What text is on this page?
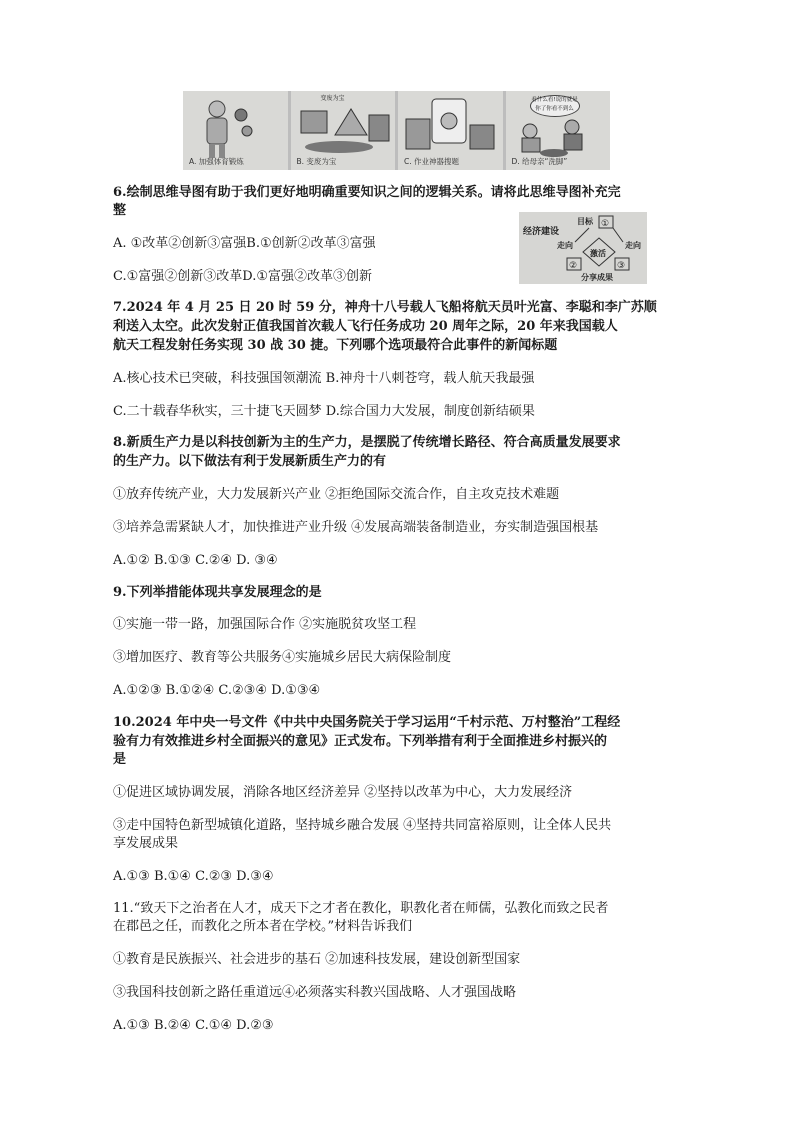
A. 加强体育锻炼
变废为宝
B. 变废为宝	C. 作业神器搜题
看什么看!说的就是你了你看不到么
D. 给母亲“洗脚”
6.绘制思维导图有助于我们更好地明确重要知识之间的逻辑关系。请将此思维导图补充完
整
A. ①改革②创新③富强B.①创新②改革③富强
C.①富强②创新③改革D.①富强②改革③创新
经济建设
目标 ①
走向	走向
激活
②	③
分享成果
7.2024 年 4 月 25 日 20 时 59 分，神舟十八号载人飞船将航天员叶光富、李聪和李广苏顺
利送入太空。此次发射正值我国首次载人飞行任务成功 20 周年之际，20 年来我国载人
航天工程发射任务实现 30 战 30 捷。下列哪个选项最符合此事件的新闻标题
A.核心技术已突破，科技强国领潮流 B.神舟十八刺苍穹，载人航天我最强
C.二十载春华秋实，三十捷飞天圆梦 D.综合国力大发展，制度创新结硕果
8.新质生产力是以科技创新为主的生产力，是摆脱了传统增长路径、符合高质量发展要求
的生产力。以下做法有利于发展新质生产力的有
①放弃传统产业，大力发展新兴产业 ②拒绝国际交流合作，自主攻克技术难题
③培养急需紧缺人才，加快推进产业升级 ④发展高端装备制造业，夯实制造强国根基
A.①② B.①③ C.②④ D. ③④
9.下列举措能体现共享发展理念的是
①实施一带一路，加强国际合作 ②实施脱贫攻坚工程
③增加医疗、教育等公共服务④实施城乡居民大病保险制度
A.①②③ B.①②④ C.②③④ D.①③④
10.2024 年中央一号文件《中共中央国务院关于学习运用“千村示范、万村整治”工程经
验有力有效推进乡村全面振兴的意见》正式发布。下列举措有利于全面推进乡村振兴的
是
①促进区域协调发展，消除各地区经济差异 ②坚持以改革为中心，大力发展经济
③走中国特色新型城镇化道路，坚持城乡融合发展 ④坚持共同富裕原则，让全体人民共
享发展成果
A.①③ B.①④ C.②③ D.③④
11.“致天下之治者在人才，成天下之才者在教化，职教化者在师儒，弘教化而致之民者
在郡邑之任，而教化之所本者在学校。”材料告诉我们
①教育是民族振兴、社会进步的基石 ②加速科技发展，建设创新型国家
③我国科技创新之路任重道远④必须落实科教兴国战略、人才强国战略
A.①③ B.②④ C.①④ D.②③
